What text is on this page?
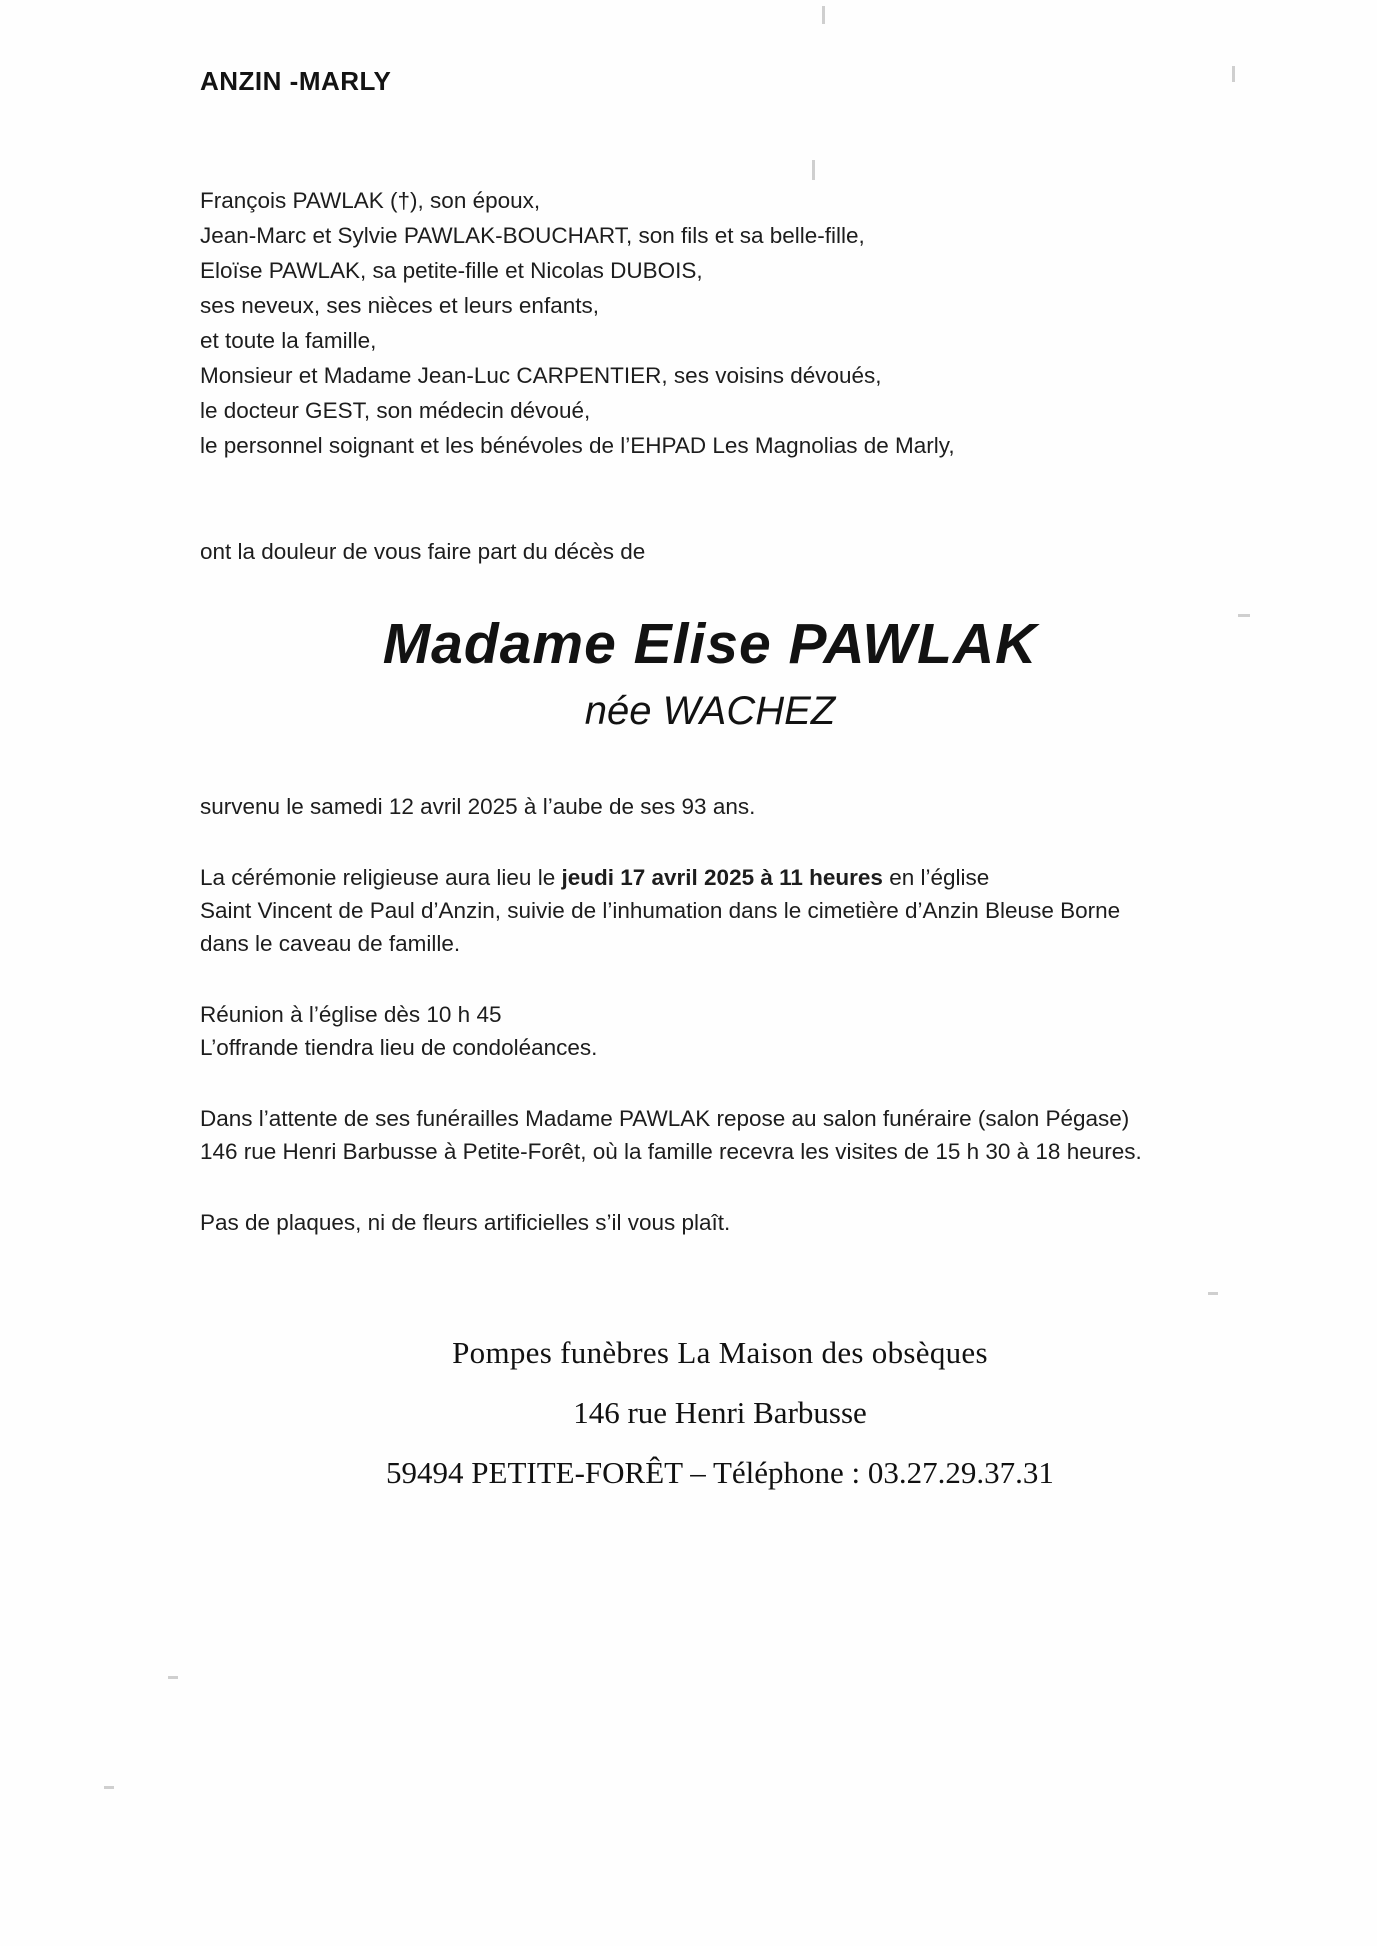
ANZIN -MARLY
François PAWLAK (†), son époux,
Jean-Marc et Sylvie PAWLAK-BOUCHART, son fils et sa belle-fille,
Eloïse PAWLAK, sa petite-fille et Nicolas DUBOIS,
ses neveux, ses nièces et leurs enfants,
et toute la famille,
Monsieur et Madame Jean-Luc CARPENTIER, ses voisins dévoués,
le docteur GEST, son médecin dévoué,
le personnel soignant et les bénévoles de l’EHPAD Les Magnolias de Marly,
ont la douleur de vous faire part du décès de
Madame Elise PAWLAK
née WACHEZ
survenu le samedi 12 avril 2025 à l’aube de ses 93 ans.
La cérémonie religieuse aura lieu le jeudi 17 avril 2025 à 11 heures en l’église
Saint Vincent de Paul d’Anzin, suivie de l’inhumation dans le cimetière d’Anzin Bleuse Borne
dans le caveau de famille.
Réunion à l’église dès 10 h 45
L’offrande tiendra lieu de condoléances.
Dans l’attente de ses funérailles Madame PAWLAK repose au salon funéraire (salon Pégase)
146 rue Henri Barbusse à Petite-Forêt, où la famille recevra les visites de 15 h 30 à 18 heures.
Pas de plaques, ni de fleurs artificielles s’il vous plaît.
Pompes funèbres La Maison des obsèques
146 rue Henri Barbusse
59494 PETITE-FORÊT – Téléphone : 03.27.29.37.31
